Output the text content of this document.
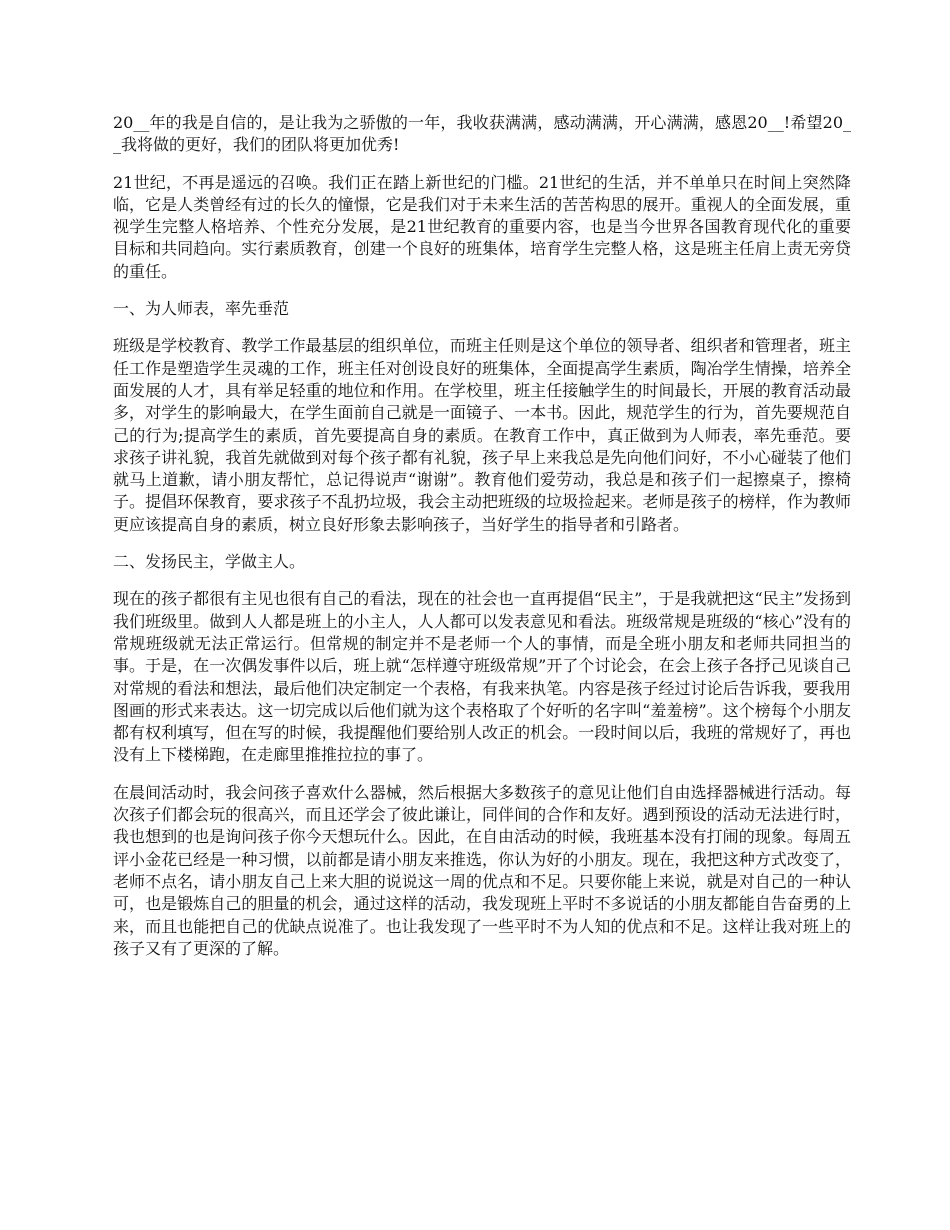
20__年的我是自信的，是让我为之骄傲的一年，我收获满满，感动满满，开心满满，感恩20__!希望20__我将做的更好，我们的团队将更加优秀!

21世纪，不再是遥远的召唤。我们正在踏上新世纪的门槛。21世纪的生活，并不单单只在时间上突然降临，它是人类曾经有过的长久的憧憬，它是我们对于未来生活的苦苦构思的展开。重视人的全面发展，重视学生完整人格培养、个性充分发展，是21世纪教育的重要内容，也是当今世界各国教育现代化的重要目标和共同趋向。实行素质教育，创建一个良好的班集体，培育学生完整人格，这是班主任肩上责无旁贷的重任。

一、为人师表，率先垂范

班级是学校教育、教学工作最基层的组织单位，而班主任则是这个单位的领导者、组织者和管理者，班主任工作是塑造学生灵魂的工作，班主任对创设良好的班集体，全面提高学生素质，陶冶学生情操，培养全面发展的人才，具有举足轻重的地位和作用。在学校里，班主任接触学生的时间最长，开展的教育活动最多，对学生的影响最大，在学生面前自己就是一面镜子、一本书。因此，规范学生的行为，首先要规范自己的行为;提高学生的素质，首先要提高自身的素质。在教育工作中，真正做到为人师表，率先垂范。要求孩子讲礼貌，我首先就做到对每个孩子都有礼貌，孩子早上来我总是先向他们问好，不小心碰装了他们就马上道歉，请小朋友帮忙，总记得说声“谢谢”。教育他们爱劳动，我总是和孩子们一起擦桌子，擦椅子。提倡环保教育，要求孩子不乱扔垃圾，我会主动把班级的垃圾捡起来。老师是孩子的榜样，作为教师更应该提高自身的素质，树立良好形象去影响孩子，当好学生的指导者和引路者。

二、发扬民主，学做主人。

现在的孩子都很有主见也很有自己的看法，现在的社会也一直再提倡“民主”，于是我就把这“民主”发扬到我们班级里。做到人人都是班上的小主人，人人都可以发表意见和看法。班级常规是班级的“核心”没有的常规班级就无法正常运行。但常规的制定并不是老师一个人的事情，而是全班小朋友和老师共同担当的事。于是，在一次偶发事件以后，班上就“怎样遵守班级常规”开了个讨论会，在会上孩子各抒己见谈自己对常规的看法和想法，最后他们决定制定一个表格，有我来执笔。内容是孩子经过讨论后告诉我，要我用图画的形式来表达。这一切完成以后他们就为这个表格取了个好听的名字叫“羞羞榜”。这个榜每个小朋友都有权利填写，但在写的时候，我提醒他们要给别人改正的机会。一段时间以后，我班的常规好了，再也没有上下楼梯跑，在走廊里推推拉拉的事了。

在晨间活动时，我会问孩子喜欢什么器械，然后根据大多数孩子的意见让他们自由选择器械进行活动。每次孩子们都会玩的很高兴，而且还学会了彼此谦让，同伴间的合作和友好。遇到预设的活动无法进行时，我也想到的也是询问孩子你今天想玩什么。因此，在自由活动的时候，我班基本没有打闹的现象。每周五评小金花已经是一种习惯，以前都是请小朋友来推选，你认为好的小朋友。现在，我把这种方式改变了，老师不点名，请小朋友自己上来大胆的说说这一周的优点和不足。只要你能上来说，就是对自己的一种认可，也是锻炼自己的胆量的机会，通过这样的活动，我发现班上平时不多说话的小朋友都能自告奋勇的上来，而且也能把自己的优缺点说准了。也让我发现了一些平时不为人知的优点和不足。这样让我对班上的孩子又有了更深的了解。
